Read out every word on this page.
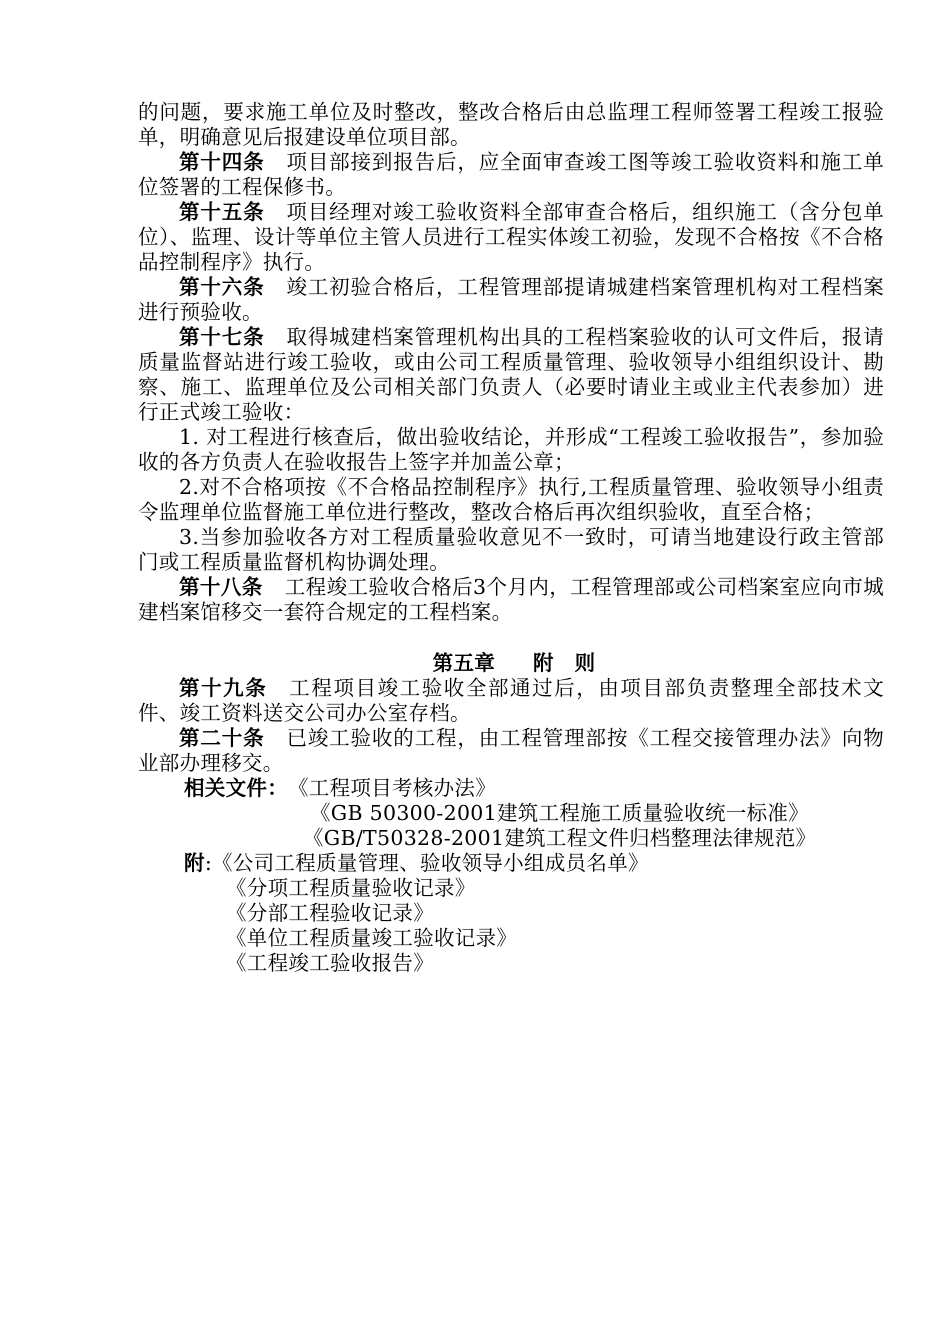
的问题，要求施工单位及时整改，整改合格后由总监理工程师签署工程竣工报验单，明确意见后报建设单位项目部。

第十四条 项目部接到报告后，应全面审查竣工图等竣工验收资料和施工单位签署的工程保修书。

第十五条 项目经理对竣工验收资料全部审查合格后，组织施工（含分包单位）、监理、设计等单位主管人员进行工程实体竣工初验，发现不合格按《不合格品控制程序》执行。

第十六条 竣工初验合格后，工程管理部提请城建档案管理机构对工程档案进行预验收。

第十七条 取得城建档案管理机构出具的工程档案验收的认可文件后，报请质量监督站进行竣工验收，或由公司工程质量管理、验收领导小组组织设计、勘察、施工、监理单位及公司相关部门负责人（必要时请业主或业主代表参加）进行正式竣工验收：

1. 对工程进行核查后，做出验收结论，并形成“工程竣工验收报告”，参加验收的各方负责人在验收报告上签字并加盖公章；

2.对不合格项按《不合格品控制程序》执行,工程质量管理、验收领导小组责令监理单位监督施工单位进行整改，整改合格后再次组织验收，直至合格；

3.当参加验收各方对工程质量验收意见不一致时，可请当地建设行政主管部门或工程质量监督机构协调处理。

第十八条 工程竣工验收合格后3个月内，工程管理部或公司档案室应向市城建档案馆移交一套符合规定的工程档案。

第五章 附　则

第十九条 工程项目竣工验收全部通过后，由项目部负责整理全部技术文件、竣工资料送交公司办公室存档。

第二十条 已竣工验收的工程，由工程管理部按《工程交接管理办法》向物业部办理移交。

相关文件：《工程项目考核办法》

《GB 50300-2001建筑工程施工质量验收统一标准》

《GB/T50328-2001建筑工程文件归档整理法律规范》

附:《公司工程质量管理、验收领导小组成员名单》

《分项工程质量验收记录》

《分部工程验收记录》

《单位工程质量竣工验收记录》

《工程竣工验收报告》
